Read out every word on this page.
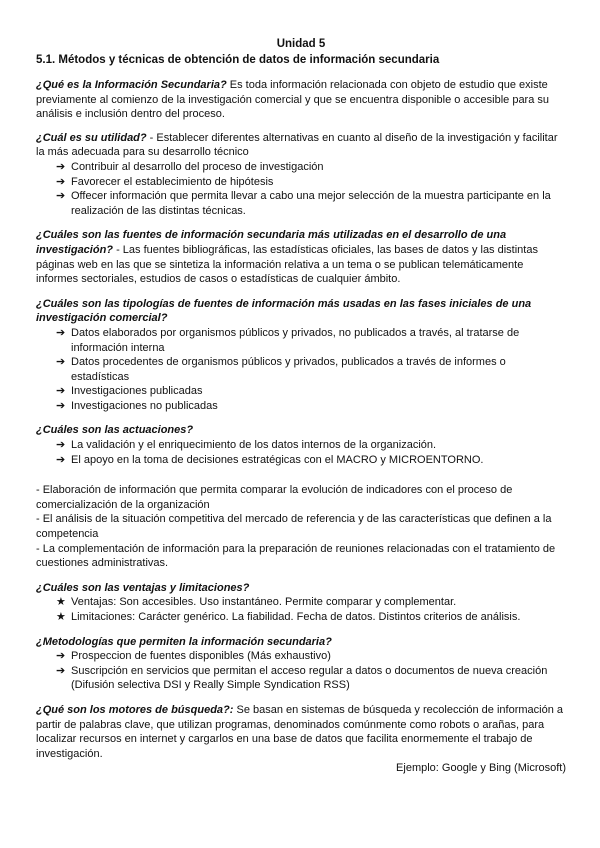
Unidad 5
5.1. Métodos y técnicas de obtención de datos de información secundaria

¿Qué es la Información Secundaria? Es toda información relacionada con objeto de estudio que existe previamente al comienzo de la investigación comercial y que se encuentra disponible o accesible para su análisis e inclusión dentro del proceso.

¿Cuál es su utilidad? - Establecer diferentes alternativas en cuanto al diseño de la investigación y facilitar la más adecuada para su desarrollo técnico

➔ Contribuir al desarrollo del proceso de investigación
➔ Favorecer el establecimiento de hipótesis
➔ Offecer información que permita llevar a cabo una mejor selección de la muestra participante en la realización de las distintas técnicas.

¿Cuáles son las fuentes de información secundaria más utilizadas en el desarrollo de una investigación? - Las fuentes bibliográficas, las estadísticas oficiales, las bases de datos y las distintas páginas web en las que se sintetiza la información relativa a un tema o se publican telemáticamente informes sectoriales, estudios de casos o estadísticas de cualquier ámbito.

¿Cuáles son las tipologías de fuentes de información más usadas en las fases iniciales de una investigación comercial?

➔ Datos elaborados por organismos públicos y privados, no publicados a través, al tratarse de información interna
➔ Datos procedentes de organismos públicos y privados, publicados a través de informes o estadísticas
➔ Investigaciones publicadas
➔ Investigaciones no publicadas

¿Cuáles son las actuaciones?

➔ La validación y el enriquecimiento de los datos internos de la organización.
➔ El apoyo en la toma de decisiones estratégicas con el MACRO y MICROENTORNO.

- Elaboración de información que permita comparar la evolución de indicadores con el proceso de comercialización de la organización

- El análisis de la situación competitiva del mercado de referencia y de las características que definen a la competencia

- La complementación de información para la preparación de reuniones relacionadas con el tratamiento de cuestiones administrativas.

¿Cuáles son las ventajas y limitaciones?

★ Ventajas: Son accesibles. Uso instantáneo. Permite comparar y complementar.
★ Limitaciones: Carácter genérico. La fiabilidad. Fecha de datos. Distintos criterios de análisis.

¿Metodologías que permiten la información secundaria?

➔ Prospeccion de fuentes disponibles (Más exhaustivo)
➔ Suscripción en servicios que permitan el acceso regular a datos o documentos de nueva creación (Difusión selectiva DSI y Really Simple Syndication RSS)

¿Qué son los motores de búsqueda?: Se basan en sistemas de búsqueda y recolección de información a partir de palabras clave, que utilizan programas, denominados comúnmente como robots o arañas, para localizar recursos en internet y cargarlos en una base de datos que facilita enormemente el trabajo de investigación.

Ejemplo: Google y Bing (Microsoft)
